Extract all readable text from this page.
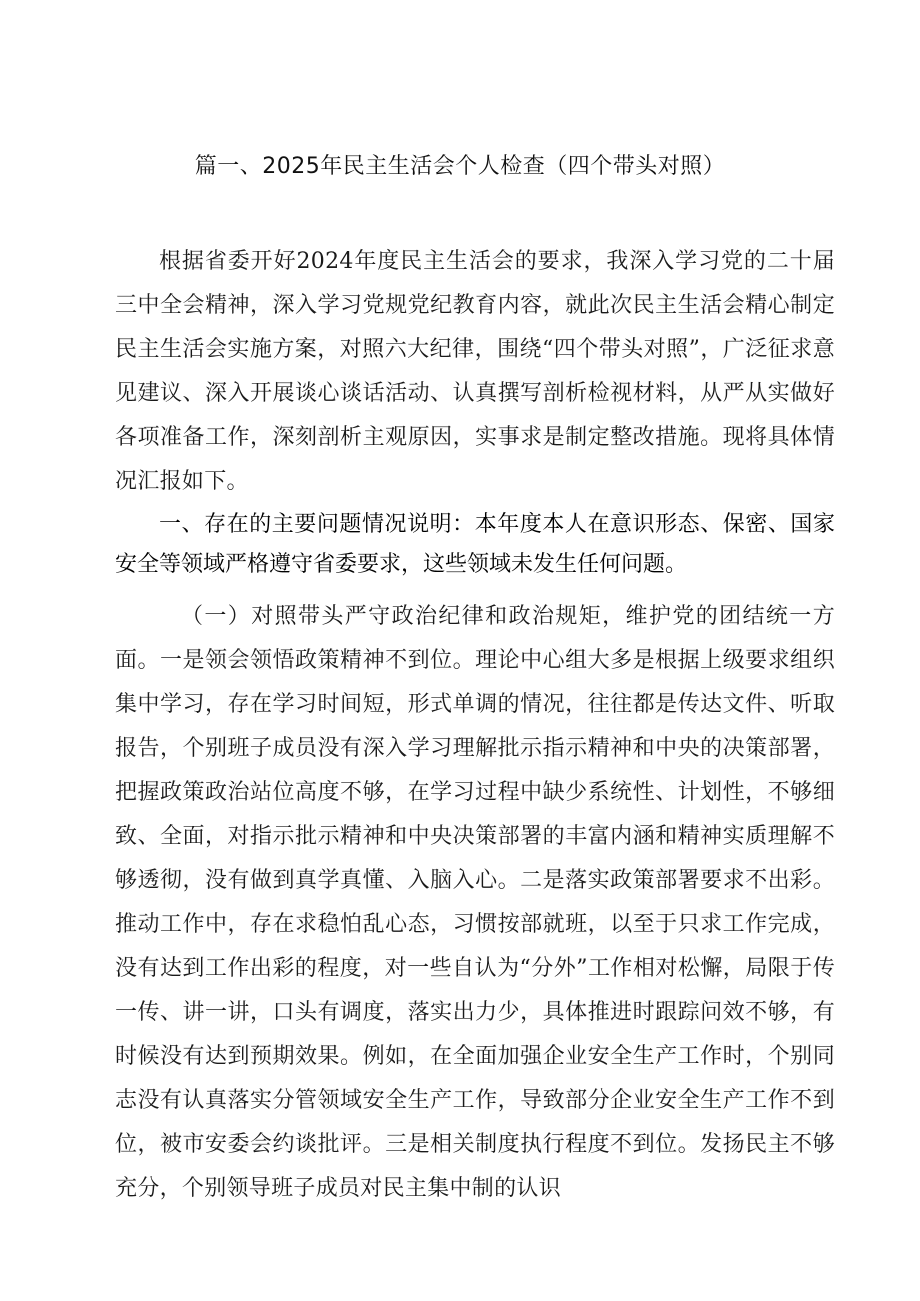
篇一、2025年民主生活会个人检查（四个带头对照）

根据省委开好2024年度民主生活会的要求，我深入学习党的二十届三中全会精神，深入学习党规党纪教育内容，就此次民主生活会精心制定民主生活会实施方案，对照六大纪律，围绕“四个带头对照”，广泛征求意见建议、深入开展谈心谈话活动、认真撰写剖析检视材料，从严从实做好各项准备工作，深刻剖析主观原因，实事求是制定整改措施。现将具体情况汇报如下。

一、存在的主要问题情况说明：本年度本人在意识形态、保密、国家安全等领域严格遵守省委要求，这些领域未发生任何问题。

（一）对照带头严守政治纪律和政治规矩，维护党的团结统一方面。一是领会领悟政策精神不到位。理论中心组大多是根据上级要求组织集中学习，存在学习时间短，形式单调的情况，往往都是传达文件、听取报告，个别班子成员没有深入学习理解批示指示精神和中央的决策部署，把握政策政治站位高度不够，在学习过程中缺少系统性、计划性，不够细致、全面，对指示批示精神和中央决策部署的丰富内涵和精神实质理解不够透彻，没有做到真学真懂、入脑入心。二是落实政策部署要求不出彩。推动工作中，存在求稳怕乱心态，习惯按部就班，以至于只求工作完成，没有达到工作出彩的程度，对一些自认为“分外”工作相对松懈，局限于传一传、讲一讲，口头有调度，落实出力少，具体推进时跟踪问效不够，有时候没有达到预期效果。例如，在全面加强企业安全生产工作时，个别同志没有认真落实分管领域安全生产工作，导致部分企业安全生产工作不到位，被市安委会约谈批评。三是相关制度执行程度不到位。发扬民主不够充分，个别领导班子成员对民主集中制的认识
